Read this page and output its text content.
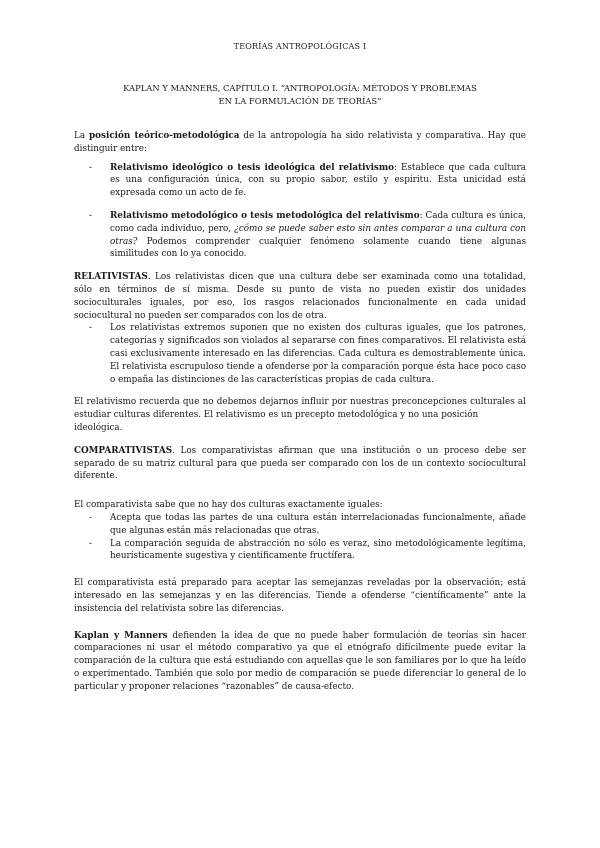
TEORÍAS ANTROPOLÓGICAS I
KAPLAN Y MANNERS, CAPÍTULO I. “ANTROPOLOGÍA: MÉTODOS Y PROBLEMAS
EN LA FORMULACIÓN DE TEORÍAS”

La posición teórico-metodológica de la antropología ha sido relativista y comparativa. Hay que distinguir entre:

- Relativismo ideológico o tesis ideológica del relativismo: Establece que cada cultura es una configuración única, con su propio sabor, estilo y espíritu. Esta unicidad está expresada como un acto de fe.
- Relativismo metodológico o tesis metodológica del relativismo: Cada cultura es única, como cada individuo, pero, ¿cómo se puede saber esto sin antes comparar a una cultura con otras? Podemos comprender cualquier fenómeno solamente cuando tiene algunas similitudes con lo ya conocido.

RELATIVISTAS. Los relativistas dicen que una cultura debe ser examinada como una totalidad, sólo en términos de sí misma. Desde su punto de vista no pueden existir dos unidades socioculturales iguales, por eso, los rasgos relacionados funcionalmente en cada unidad sociocultural no pueden ser comparados con los de otra.

- Los relativistas extremos suponen que no existen dos culturas iguales, que los patrones, categorías y significados son violados al separarse con fines comparativos. El relativista está casi exclusivamente interesado en las diferencias. Cada cultura es demostrablemente única. El relativista escrupuloso tiende a ofenderse por la comparación porque ésta hace poco caso o empaña las distinciones de las características propias de cada cultura.

El relativismo recuerda que no debemos dejarnos influir por nuestras preconcepciones culturales al estudiar culturas diferentes. El relativismo es un precepto metodológica y no una posición
ideológica.

COMPARATIVISTAS. Los comparativistas afirman que una institución o un proceso debe ser separado de su matriz cultural para que pueda ser comparado con los de un contexto sociocultural diferente.

El comparativista sabe que no hay dos culturas exactamente iguales:

- Acepta que todas las partes de una cultura están interrelacionadas funcionalmente, añade que algunas están más relacionadas que otras.
- La comparación seguida de abstracción no sólo es veraz, sino metodológicamente legítima, heurísticamente sugestiva y científicamente fructífera.

El comparativista está preparado para aceptar las semejanzas reveladas por la observación; está interesado en las semejanzas y en las diferencias. Tiende a ofenderse “científicamente” ante la insistencia del relativista sobre las diferencias.

Kaplan y Manners defienden la idea de que no puede haber formulación de teorías sin hacer comparaciones ni usar el método comparativo ya que el etnógrafo difícilmente puede evitar la comparación de la cultura que está estudiando con aquellas que le son familiares por lo que ha leído o experimentado. También que solo por medio de comparación se puede diferenciar lo general de lo particular y proponer relaciones “razonables” de causa-efecto.
